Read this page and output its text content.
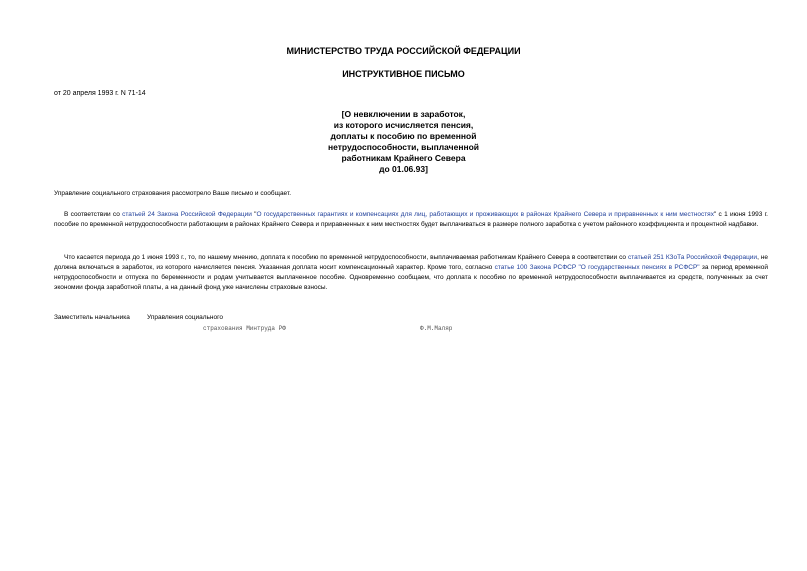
МИНИСТЕРСТВО ТРУДА РОССИЙСКОЙ ФЕДЕРАЦИИ
ИНСТРУКТИВНОЕ ПИСЬМО
от 20 апреля 1993 г. N 71-14
[О невключении в заработок,
из которого исчисляется пенсия,
доплаты к пособию по временной
нетрудоспособности, выплаченной
работникам Крайнего Севера
до 01.06.93]
Управление социального страхования рассмотрело Ваше письмо и сообщает.
В соответствии со статьей 24 Закона Российской Федерации "О государственных гарантиях и компенсациях для лиц, работающих и проживающих в районах Крайнего Севера и приравненных к ним местностях" с 1 июня 1993 г. пособие по временной нетрудоспособности работающим в районах Крайнего Севера и приравненных к ним местностях будет выплачиваться в размере полного заработка с учетом районного коэффициента и процентной надбавки.
Что касается периода до 1 июня 1993 г., то, по нашему мнению, доплата к пособию по временной нетрудоспособности, выплачиваемая работникам Крайнего Севера в соответствии со статьей 251 КЗоТа Российской Федерации, не должна включаться в заработок, из которого начисляется пенсия. Указанная доплата носит компенсационный характер. Кроме того, согласно статье 100 Закона РСФСР "О государственных пенсиях в РСФСР" за период временной нетрудоспособности и отпуска по беременности и родам учитывается выплаченное пособие. Одновременно сообщаем, что доплата к пособию по временной нетрудоспособности выплачивается из средств, полученных за счет экономии фонда заработной платы, а на данный фонд уже начислены страховые взносы.
Заместитель начальника	Управления социального
страхования Минтруда РФ	Ф.М.Маляр
